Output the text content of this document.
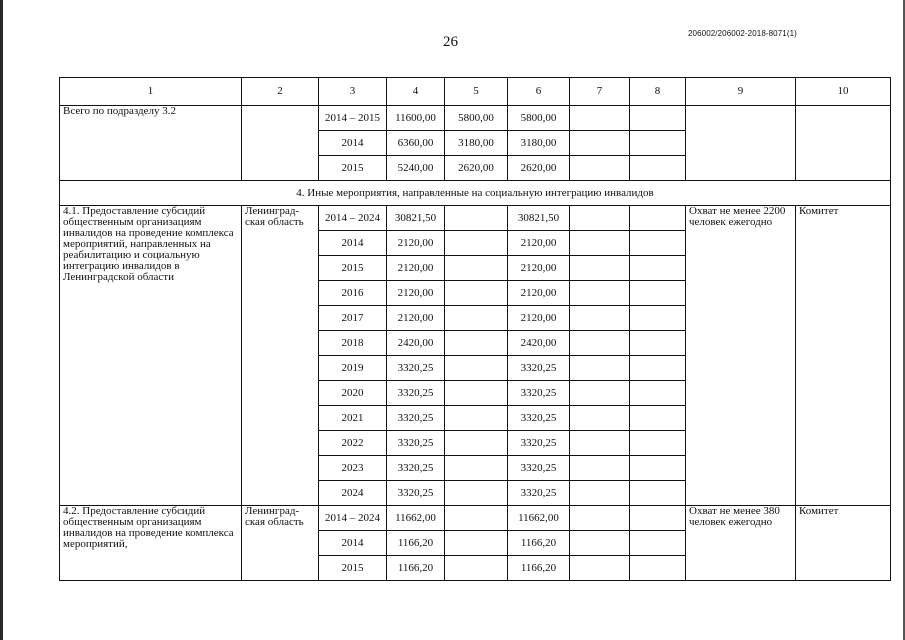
26
206002/206002-2018-8071(1)
1	2	3	4	5	6	7	8	9	10
Всего по подразделу 3.2		2014 – 2015	11600,00	5800,00	5800,00				
		2014	6360,00	3180,00	3180,00				
		2015	5240,00	2620,00	2620,00				
4. Иные мероприятия, направленные на социальную интеграцию инвалидов									
4.1. Предоставление субсидий общественным организациям инвалидов на проведение комплекса мероприятий, направленных на реабилитацию и социальную интеграцию инвалидов в Ленинградской области	Ленинград-ская область	2014 – 2024	30821,50		30821,50			Охват не менее 2200 человек ежегодно	Комитет
		2014	2120,00		2120,00				
		2015	2120,00		2120,00				
		2016	2120,00		2120,00				
		2017	2120,00		2120,00				
		2018	2420,00		2420,00				
		2019	3320,25		3320,25				
		2020	3320,25		3320,25				
		2021	3320,25		3320,25				
		2022	3320,25		3320,25				
		2023	3320,25		3320,25				
		2024	3320,25		3320,25				
4.2. Предоставление субсидий общественным организациям инвалидов на проведение комплекса мероприятий,	Ленинград-ская область	2014 – 2024	11662,00		11662,00			Охват не менее 380 человек ежегодно	Комитет
		2014	1166,20		1166,20				
		2015	1166,20		1166,20				
